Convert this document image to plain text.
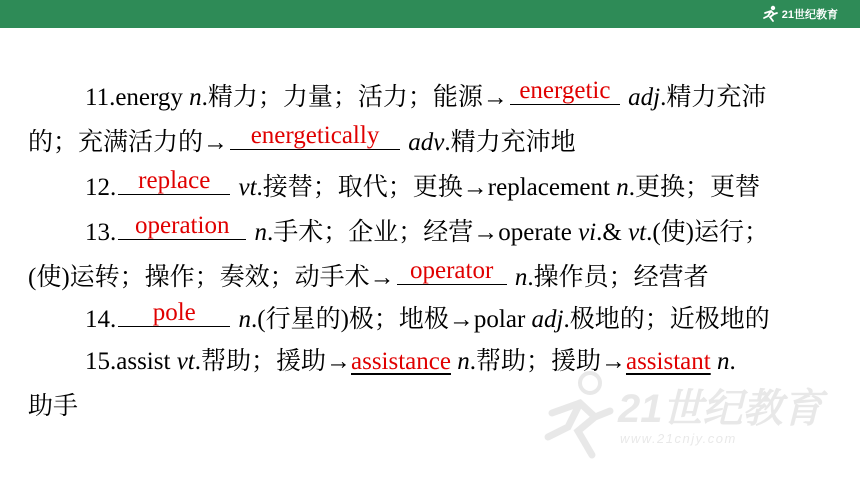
21世纪教育
21世纪教育
www.21cnjy.com
11.energy n.精力；力量；活力；能源→ energetic adj.精力充沛
的；充满活力的→ energetically	adv.精力充沛地
12. replace	vt.接替；取代；更换→replacement n.更换；更替
13. operation	n.手术；企业；经营→operate vi.& vt.(使)运行；
(使)运转；操作；奏效；动手术→ operator n.操作员；经营者
14.	pole	n.(行星的)极；地极→polar adj.极地的；近极地的
15.assist vt.帮助；援助→assistance n.帮助；援助→assistant n.
助手
